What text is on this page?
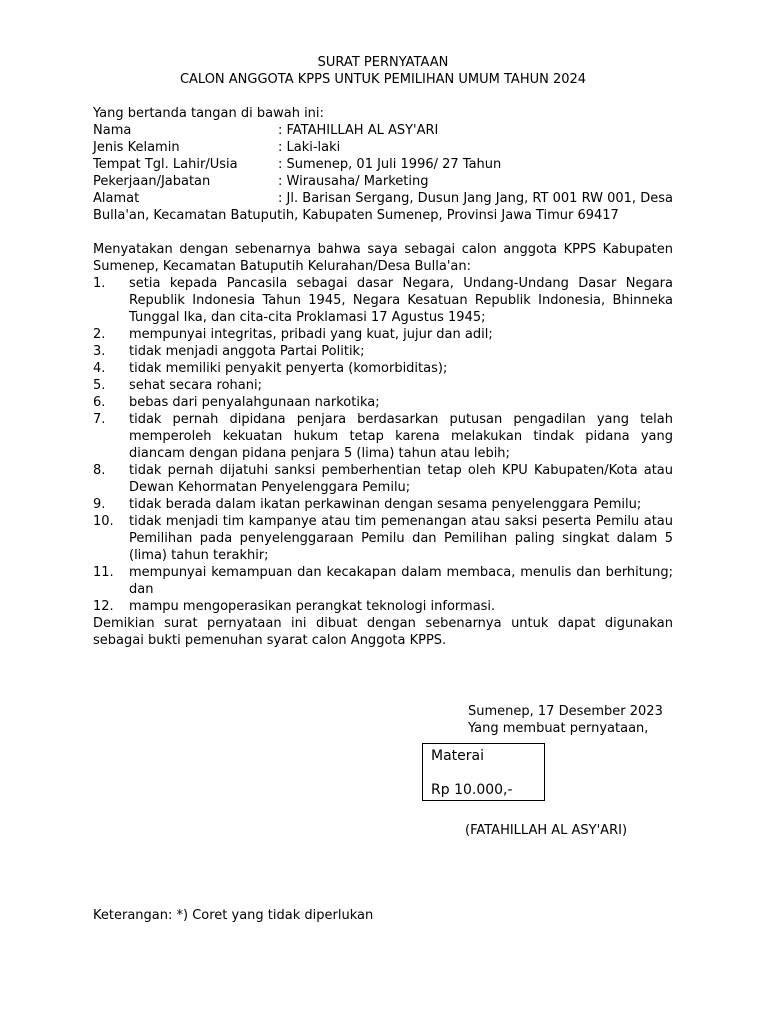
SURAT PERNYATAAN
CALON ANGGOTA KPPS UNTUK PEMILIHAN UMUM TAHUN 2024
Yang bertanda tangan di bawah ini:
Nama	: FATAHILLAH AL ASY'ARI
Jenis Kelamin	: Laki-laki
Tempat Tgl. Lahir/Usia	: Sumenep, 01 Juli 1996/ 27 Tahun
Pekerjaan/Jabatan	: Wirausaha/ Marketing
Alamat	: Jl. Barisan Sergang, Dusun Jang Jang, RT 001 RW 001, Desa Bulla'an, Kecamatan Batuputih, Kabupaten Sumenep, Provinsi Jawa Timur 69417
Menyatakan dengan sebenarnya bahwa saya sebagai calon anggota KPPS Kabupaten Sumenep, Kecamatan Batuputih Kelurahan/Desa Bulla'an:
1.	setia kepada Pancasila sebagai dasar Negara, Undang-Undang Dasar Negara Republik Indonesia Tahun 1945, Negara Kesatuan Republik Indonesia, Bhinneka Tunggal Ika, dan cita-cita Proklamasi 17 Agustus 1945;
2.	mempunyai integritas, pribadi yang kuat, jujur dan adil;
3.	tidak menjadi anggota Partai Politik;
4.	tidak memiliki penyakit penyerta (komorbiditas);
5.	sehat secara rohani;
6.	bebas dari penyalahgunaan narkotika;
7.	tidak pernah dipidana penjara berdasarkan putusan pengadilan yang telah memperoleh kekuatan hukum tetap karena melakukan tindak pidana yang diancam dengan pidana penjara 5 (lima) tahun atau lebih;
8.	tidak pernah dijatuhi sanksi pemberhentian tetap oleh KPU Kabupaten/Kota atau Dewan Kehormatan Penyelenggara Pemilu;
9.	tidak berada dalam ikatan perkawinan dengan sesama penyelenggara Pemilu;
10.	tidak menjadi tim kampanye atau tim pemenangan atau saksi peserta Pemilu atau Pemilihan pada penyelenggaraan Pemilu dan Pemilihan paling singkat dalam 5 (lima) tahun terakhir;
11.	mempunyai kemampuan dan kecakapan dalam membaca, menulis dan berhitung; dan
12.	mampu mengoperasikan perangkat teknologi informasi.
Demikian surat pernyataan ini dibuat dengan sebenarnya untuk dapat digunakan sebagai bukti pemenuhan syarat calon Anggota KPPS.
Sumenep, 17 Desember 2023
Yang membuat pernyataan,
Materai
Rp 10.000,-
(FATAHILLAH AL ASY'ARI)
Keterangan: *) Coret yang tidak diperlukan
